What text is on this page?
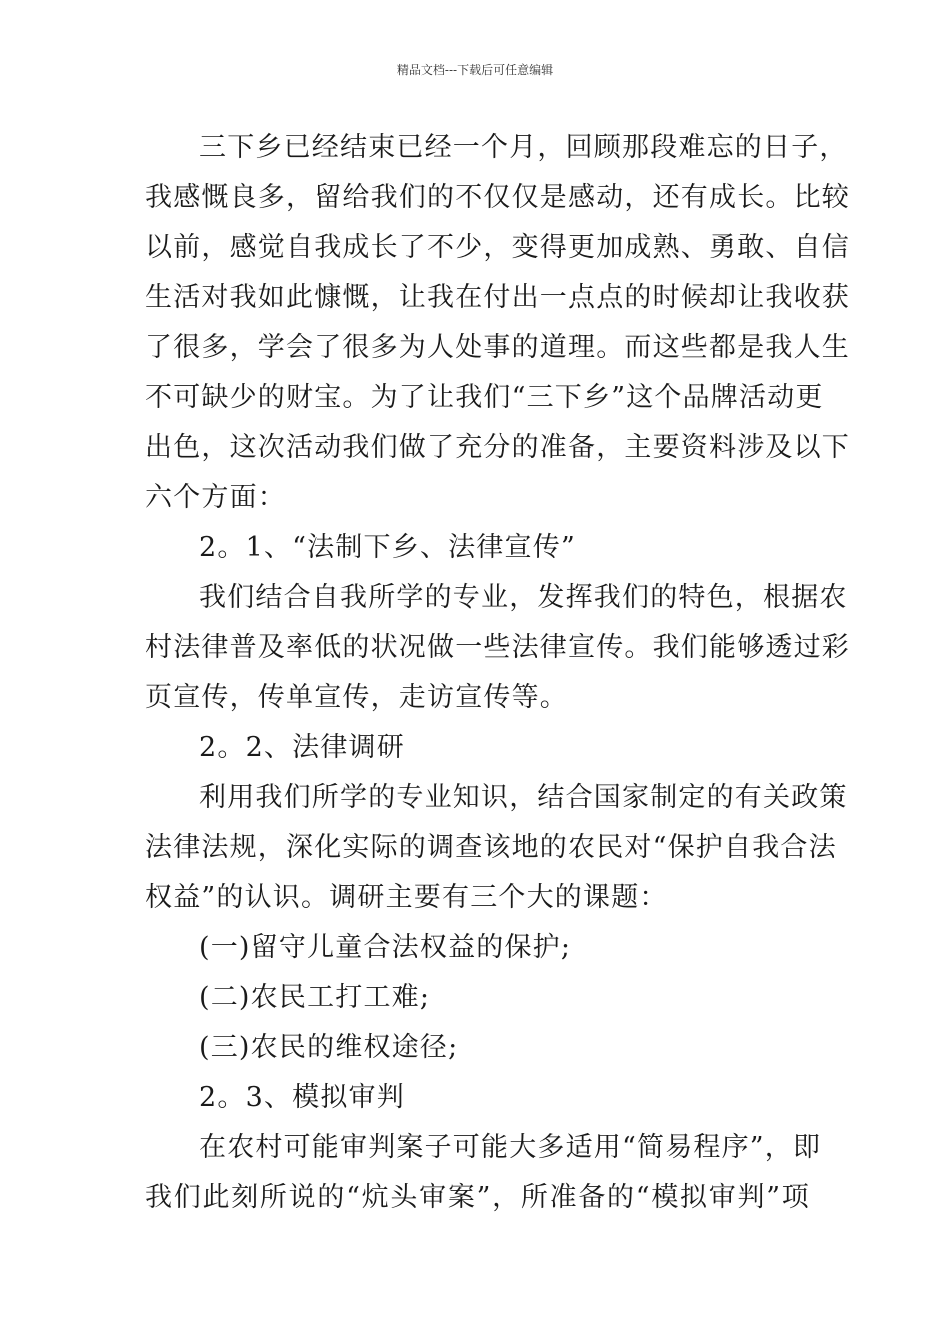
精品文档---下载后可任意编辑

三下乡已经结束已经一个月，回顾那段难忘的日子，
我感慨良多，留给我们的不仅仅是感动，还有成长。比较
以前，感觉自我成长了不少，变得更加成熟、勇敢、自信
生活对我如此慷慨，让我在付出一点点的时候却让我收获
了很多，学会了很多为人处事的道理。而这些都是我人生
不可缺少的财宝。为了让我们“三下乡”这个品牌活动更
出色，这次活动我们做了充分的准备，主要资料涉及以下
六个方面：

2。1、“法制下乡、法律宣传”

我们结合自我所学的专业，发挥我们的特色，根据农
村法律普及率低的状况做一些法律宣传。我们能够透过彩
页宣传，传单宣传，走访宣传等。

2。2、法律调研

利用我们所学的专业知识，结合国家制定的有关政策
法律法规，深化实际的调查该地的农民对“保护自我合法
权益”的认识。调研主要有三个大的课题：

(一)留守儿童合法权益的保护;

(二)农民工打工难;

(三)农民的维权途径;

2。3、模拟审判

在农村可能审判案子可能大多适用“简易程序”，即
我们此刻所说的“炕头审案”，所准备的“模拟审判”项
